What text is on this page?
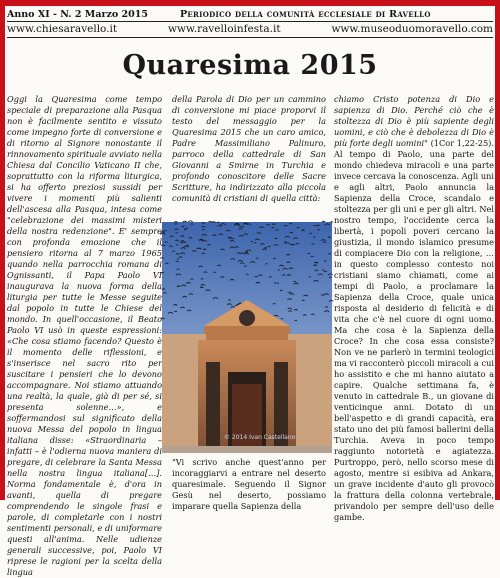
Anno XI - N. 2 Marzo 2015	Periodico della comunità ecclesiale di Ravello
www.chiesaravello.it	www.ravelloinfesta.it	www.museoduomoravello.com
Quaresima 2015

Oggi la Quaresima come tempo speciale di preparazione alla Pasqua non è facilmente sentito e vissuto come impegno forte di conversione e di ritorno al Signore nonostante il rinnovamento spirituale avviato nella Chiesa dal Concilio Vaticano II che, soprattutto con la riforma liturgica, si ha offerto preziosi sussidi per vivere i momenti più salienti dell'ascesa alla Pasqua, intesa come "celebrazione dei massimi misteri della nostra redenzione". E' sempre con profonda emozione che il pensiero ritorna al 7 marzo 1965 quando nella parrocchia romana di Ognissanti, il Papa Paolo VI inaugurava la nuova forma della liturgia per tutte le Messe seguite dal popolo in tutte le Chiese del mondo. In quell'occasione, il Beato Paolo VI usò in queste espressioni: «Che cosa stiamo facendo? Questo è il momento delle riflessioni, e s'inserisce nel sacro rito per suscitare i pensieri che lo devono accompagnare. Noi stiamo attuando una realtà, la quale, già di per sé, si presenta solenne…», e soffermandosi sul significato della nuova Messa del popolo in lingua italiana disse: «Straordinaria – infatti – è l'odierna nuova maniera di pregare, di celebrare la Santa Messa nella nostra lingua italiana[…]. Norma fondamentale è, d'ora in avanti, quella di pregare comprendendo le singole frasi e parole, di completarle con i nostri sentimenti personali, e di uniformare questi all'anima. Nelle udienze generali successive, poi, Paolo VI riprese le ragioni per la scelta della lingua

della Parola di Dio per un cammino di conversione mi piace proporvi il testo del messaggio per la Quaresima 2015 che un caro amico, Padre Massimiliano Palinuro, parroco della cattedrale di San Giovanni a Smirne in Turchia e profondo conoscitore delle Sacre Scritture, ha indirizzato alla piccola comunità di cristiani di quella città:

© 2014 Ivan Castellano

"Vi scrivo anche quest'anno per incoraggiarvi a entrare nel deserto quaresimale. Seguendo il Signor Gesù nel deserto, possiamo imparare quella Sapienza della

chiamo Cristo potenza di Dio e sapienza di Dio. Perché ciò che è stoltezza di Dio è più sapiente degli uomini, e ciò che è debolezza di Dio è più forte degli uomini" (1Cor 1,22-25). Al tempo di Paolo, una parte del mondo chiedeva miracoli e una parte invece cercava la conoscenza. Agli uni e agli altri, Paolo annuncia la Sapienza della Croce, scandalo e stoltezza per gli uni e per gli altri. Nel nostro tempo, l'occidente cerca la libertà, i popoli poveri cercano la giustizia, il mondo islamico presume di compiacere Dio con la religione, … in questo complesso contesto noi cristiani siamo chiamati, come ai tempi di Paolo, a proclamare la Sapienza della Croce, quale unica risposta al desiderio di felicità e di vita che c'è nel cuore di ogni uomo. Ma che cosa è la Sapienza della Croce? In che cosa essa consiste? Non ve ne parlerò in termini teologici ma vi racconterò piccoli miracoli a cui ho assistito e che mi hanno aiutato a capire. Qualche settimana fa, è venuto in cattedrale B., un giovane di venticinque anni. Dotato di un bell'aspetto e di grandi capacità, era stato uno dei più famosi ballerini della Turchia. Aveva in poco tempo raggiunto notorietà e agiatezza. Purtroppo, però, nello scorso mese di agosto, mentre si esibiva ad Ankara, un grave incidente d'auto gli provocò la frattura della colonna vertebrale, privandolo per sempre dell'uso delle gambe.
